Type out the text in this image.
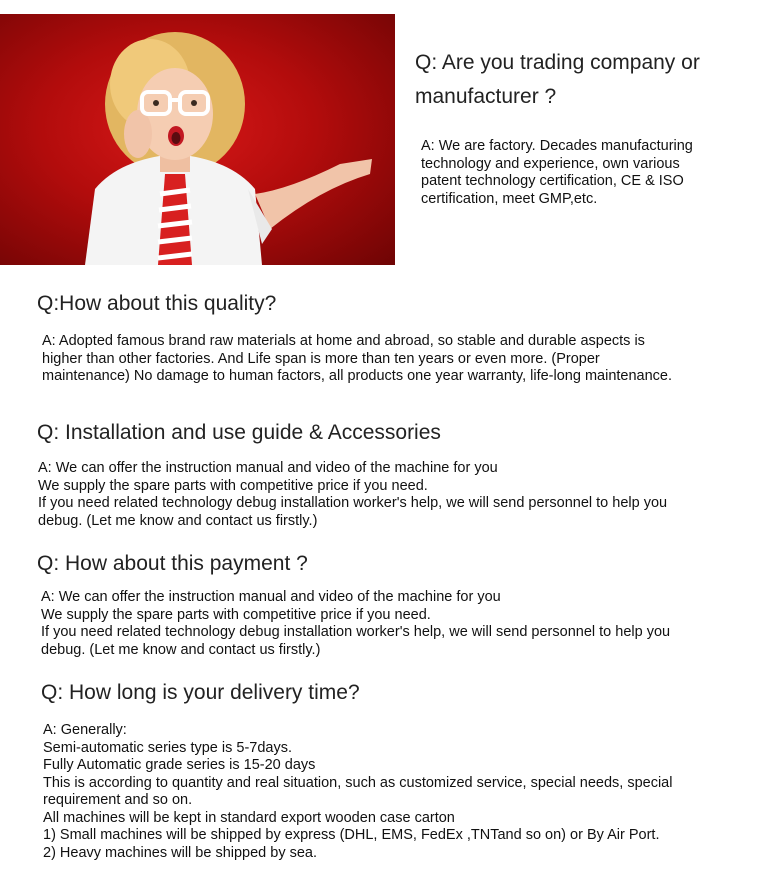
Q: Are you trading company or manufacturer ?

A: We are factory. Decades manufacturing technology and experience, own various patent technology certification, CE & ISO certification, meet GMP,etc.

Q:How about this quality?

A: Adopted famous brand raw materials at home and abroad, so stable and durable aspects is higher than other factories. And Life span is more than ten years or even more. (Proper maintenance) No damage to human factors, all products one year warranty, life-long maintenance.

Q: Installation and use guide & Accessories

A: We can offer the instruction manual and video of the machine for you

We supply the spare parts with competitive price if you need.

If you need related technology debug installation worker's help, we will send personnel to help you debug. (Let me know and contact us firstly.)

Q: How about this payment ?

A: We can offer the instruction manual and video of the machine for you

We supply the spare parts with competitive price if you need.

If you need related technology debug installation worker's help, we will send personnel to help you debug. (Let me know and contact us firstly.)

Q: How long is your delivery time?

A: Generally:

Semi-automatic series type is 5-7days.

Fully Automatic grade series is 15-20 days

This is according to quantity and real situation, such as customized service, special needs, special requirement and so on.

All machines will be kept in standard export wooden case carton

1) Small machines will be shipped by express (DHL, EMS, FedEx ,TNTand so on) or By Air Port.

2) Heavy machines will be shipped by sea.
